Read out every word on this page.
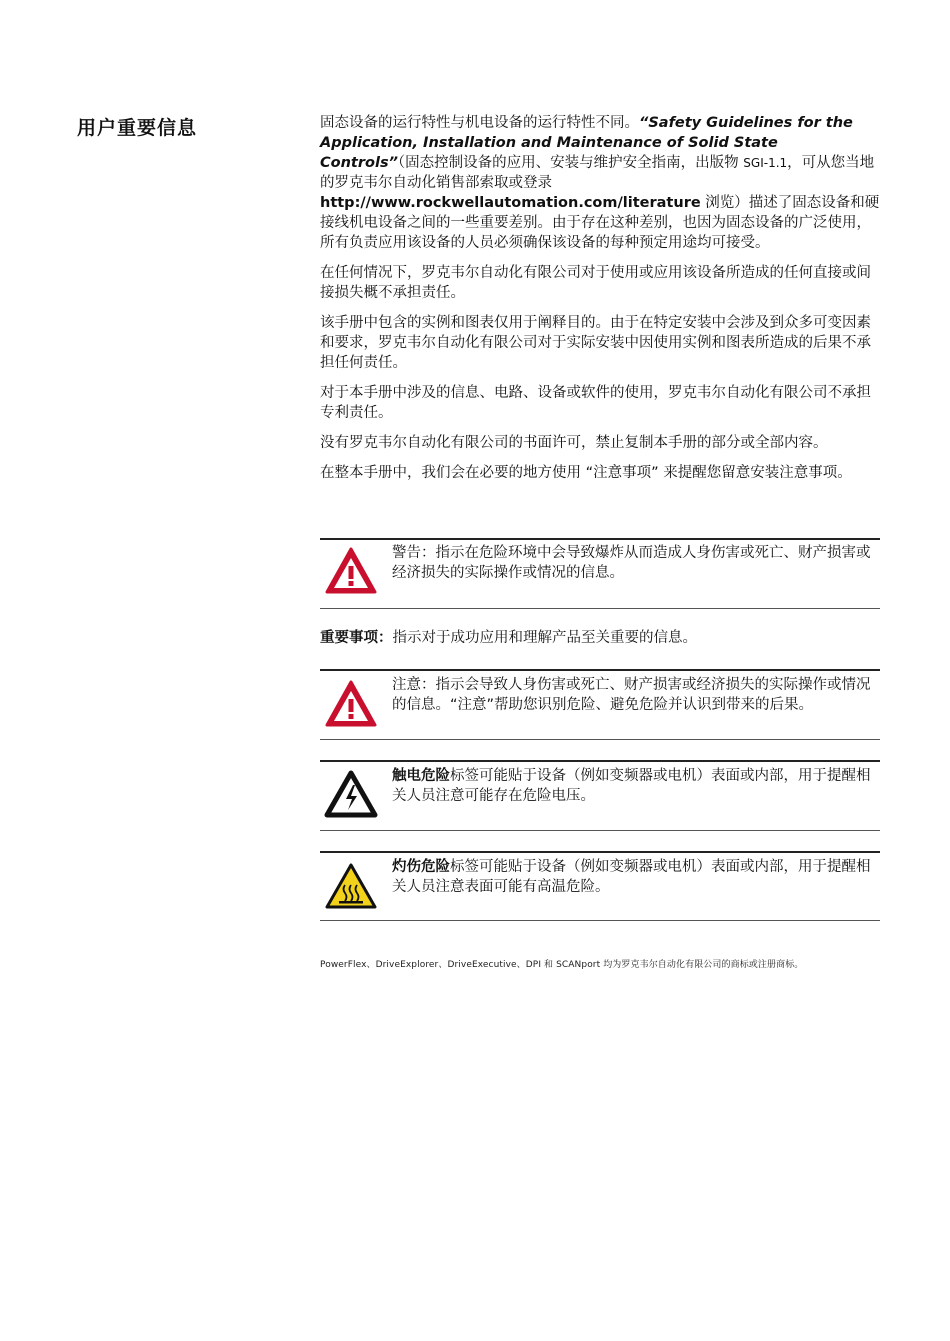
用户重要信息	固态设备的运行特性与机电设备的运行特性不同。“Safety Guidelines for the Application, Installation and Maintenance of Solid State Controls”（固态控制设备的应用、安装与维护安全指南，出版物 SGI-1.1，可从您当地的罗克韦尔自动化销售部索取或登录 http://www.rockwellautomation.com/literature 浏览）描述了固态设备和硬接线机电设备之间的一些重要差别。由于存在这种差别，也因为固态设备的广泛使用，所有负责应用该设备的人员必须确保该设备的每种预定用途均可接受。

在任何情况下，罗克韦尔自动化有限公司对于使用或应用该设备所造成的任何直接或间接损失概不承担责任。

该手册中包含的实例和图表仅用于阐释目的。由于在特定安装中会涉及到众多可变因素和要求，罗克韦尔自动化有限公司对于实际安装中因使用实例和图表所造成的后果不承担任何责任。

对于本手册中涉及的信息、电路、设备或软件的使用，罗克韦尔自动化有限公司不承担专利责任。

没有罗克韦尔自动化有限公司的书面许可，禁止复制本手册的部分或全部内容。

在整本手册中，我们会在必要的地方使用 “注意事项” 来提醒您留意安装注意事项。

警告：指示在危险环境中会导致爆炸从而造成人身伤害或死亡、财产损害或经济损失的实际操作或情况的信息。
重要事项：指示对于成功应用和理解产品至关重要的信息。
注意：指示会导致人身伤害或死亡、财产损害或经济损失的实际操作或情况的信息。“注意”帮助您识别危险、避免危险并认识到带来的后果。
触电危险标签可能贴于设备（例如变频器或电机）表面或内部，用于提醒相关人员注意可能存在危险电压。
灼伤危险标签可能贴于设备（例如变频器或电机）表面或内部，用于提醒相关人员注意表面可能有高温危险。
PowerFlex、DriveExplorer、DriveExecutive、DPI 和 SCANport 均为罗克韦尔自动化有限公司的商标或注册商标。
